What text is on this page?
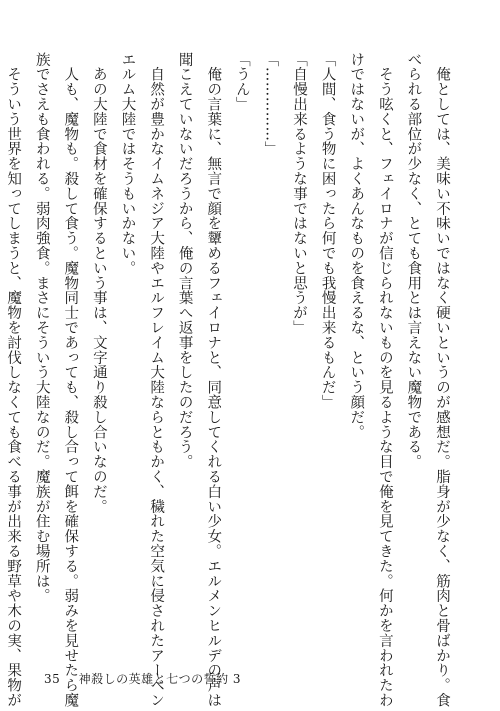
　俺としては、美味い不味いではなく硬いというのが感想だ。脂身が少なく、筋肉と骨ばかり。食
べられる部位が少なく、とても食用とは言えない魔物である。
　そう呟くと、フェイロナが信じられないものを見るような目で俺を見てきた。何かを言われたわ
けではないが、よくあんなものを食えるな、という顔だ。
「人間、食う物に困ったら何でも我慢出来るもんだ」
「自慢出来るような事ではないと思うが」
「……………」
「うん」
　俺の言葉に、無言で顔を顰めるフェイロナと、同意してくれる白い少女。エルメンヒルデの声は
聞こえていないだろうから、俺の言葉へ返事をしたのだろう。
　自然が豊かなイムネジア大陸やエルフレイム大陸ならともかく、穢れた空気に侵されたアーベン
エルム大陸ではそうもいかない。
　あの大陸で食材を確保するという事は、文字通り殺し合いなのだ。
　人も、魔物も。殺して食う。魔物同士であっても、殺し合って餌を確保する。弱みを見せたら魔
族でさえも食われる。弱肉強食。まさにそういう大陸なのだ。魔族が住む場所は。
　そういう世界を知ってしまうと、魔物を討伐しなくても食べる事が出来る野草や木の実、果物が	35 神殺しの英雄と七つの誓約 3
